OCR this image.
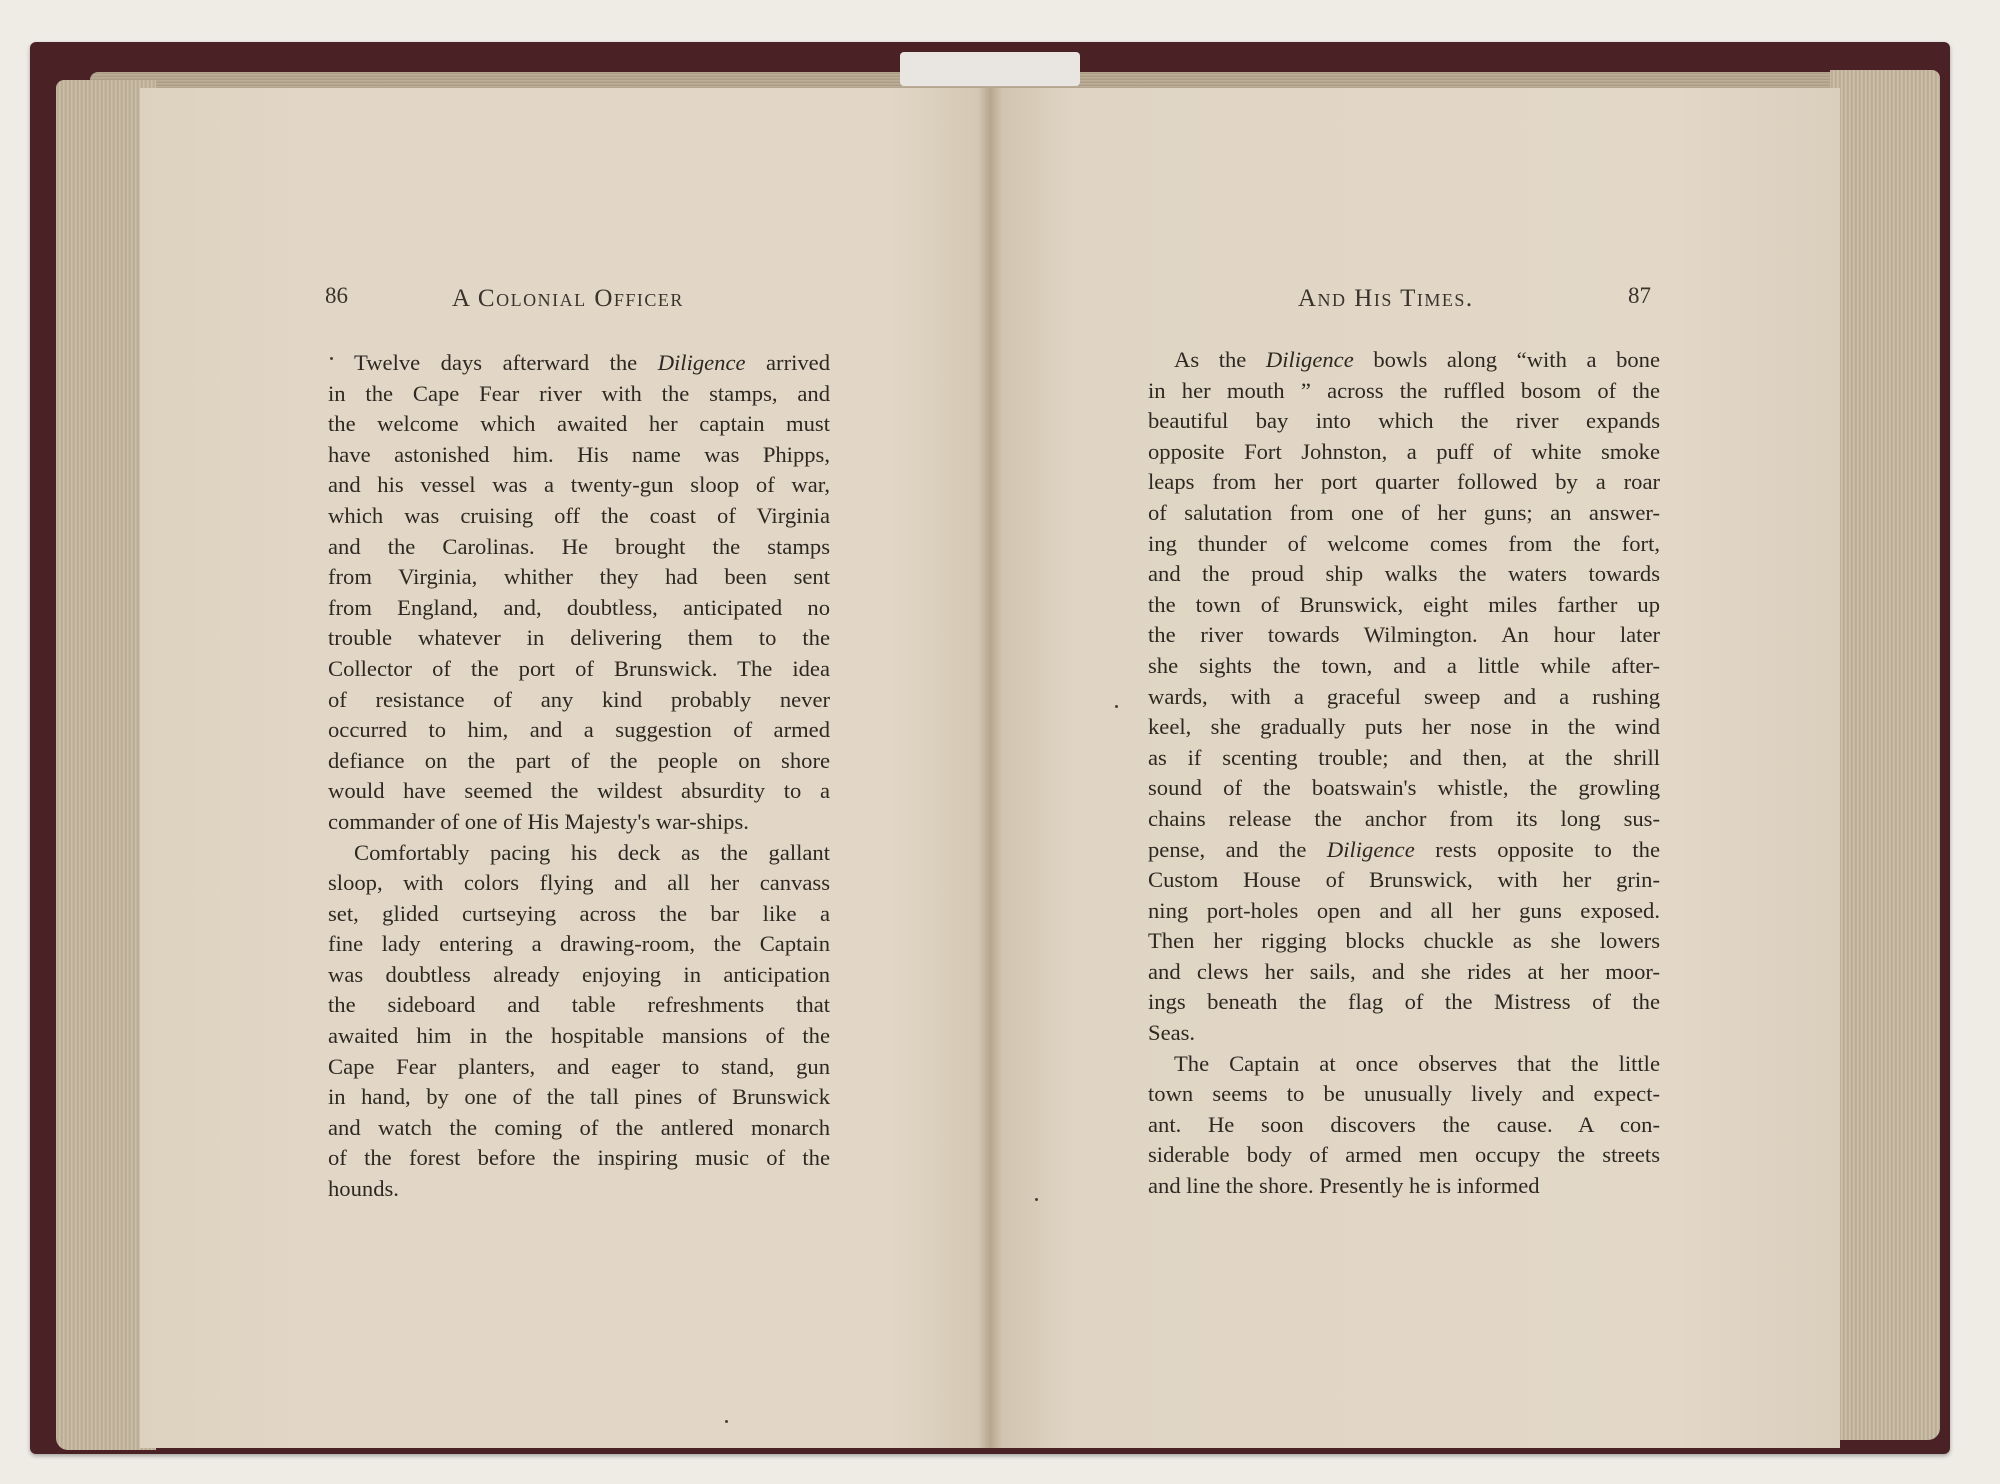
86	A Colonial Officer	And His Times.	87
Twelve days afterward the Diligence arrived
in the Cape Fear river with the stamps, and
the welcome which awaited her captain must
have astonished him. His name was Phipps,
and his vessel was a twenty-gun sloop of war,
which was cruising off the coast of Virginia
and the Carolinas. He brought the stamps
from Virginia, whither they had been sent
from England, and, doubtless, anticipated no
trouble whatever in delivering them to the
Collector of the port of Brunswick. The idea
of resistance of any kind probably never
occurred to him, and a suggestion of armed
defiance on the part of the people on shore
would have seemed the wildest absurdity to a
commander of one of His Majesty's war-ships.
Comfortably pacing his deck as the gallant
sloop, with colors flying and all her canvass
set, glided curtseying across the bar like a
fine lady entering a drawing-room, the Captain
was doubtless already enjoying in anticipation
the sideboard and table refreshments that
awaited him in the hospitable mansions of the
Cape Fear planters, and eager to stand, gun
in hand, by one of the tall pines of Brunswick
and watch the coming of the antlered monarch
of the forest before the inspiring music of the
hounds.
As the Diligence bowls along “with a bone
in her mouth ” across the ruffled bosom of the
beautiful bay into which the river expands
opposite Fort Johnston, a puff of white smoke
leaps from her port quarter followed by a roar
of salutation from one of her guns; an answer-
ing thunder of welcome comes from the fort,
and the proud ship walks the waters towards
the town of Brunswick, eight miles farther up
the river towards Wilmington. An hour later
she sights the town, and a little while after-
wards, with a graceful sweep and a rushing
keel, she gradually puts her nose in the wind
as if scenting trouble; and then, at the shrill
sound of the boatswain's whistle, the growling
chains release the anchor from its long sus-
pense, and the Diligence rests opposite to the
Custom House of Brunswick, with her grin-
ning port-holes open and all her guns exposed.
Then her rigging blocks chuckle as she lowers
and clews her sails, and she rides at her moor-
ings beneath the flag of the Mistress of the
Seas.
The Captain at once observes that the little
town seems to be unusually lively and expect-
ant. He soon discovers the cause. A con-
siderable body of armed men occupy the streets
and line the shore. Presently he is informed
